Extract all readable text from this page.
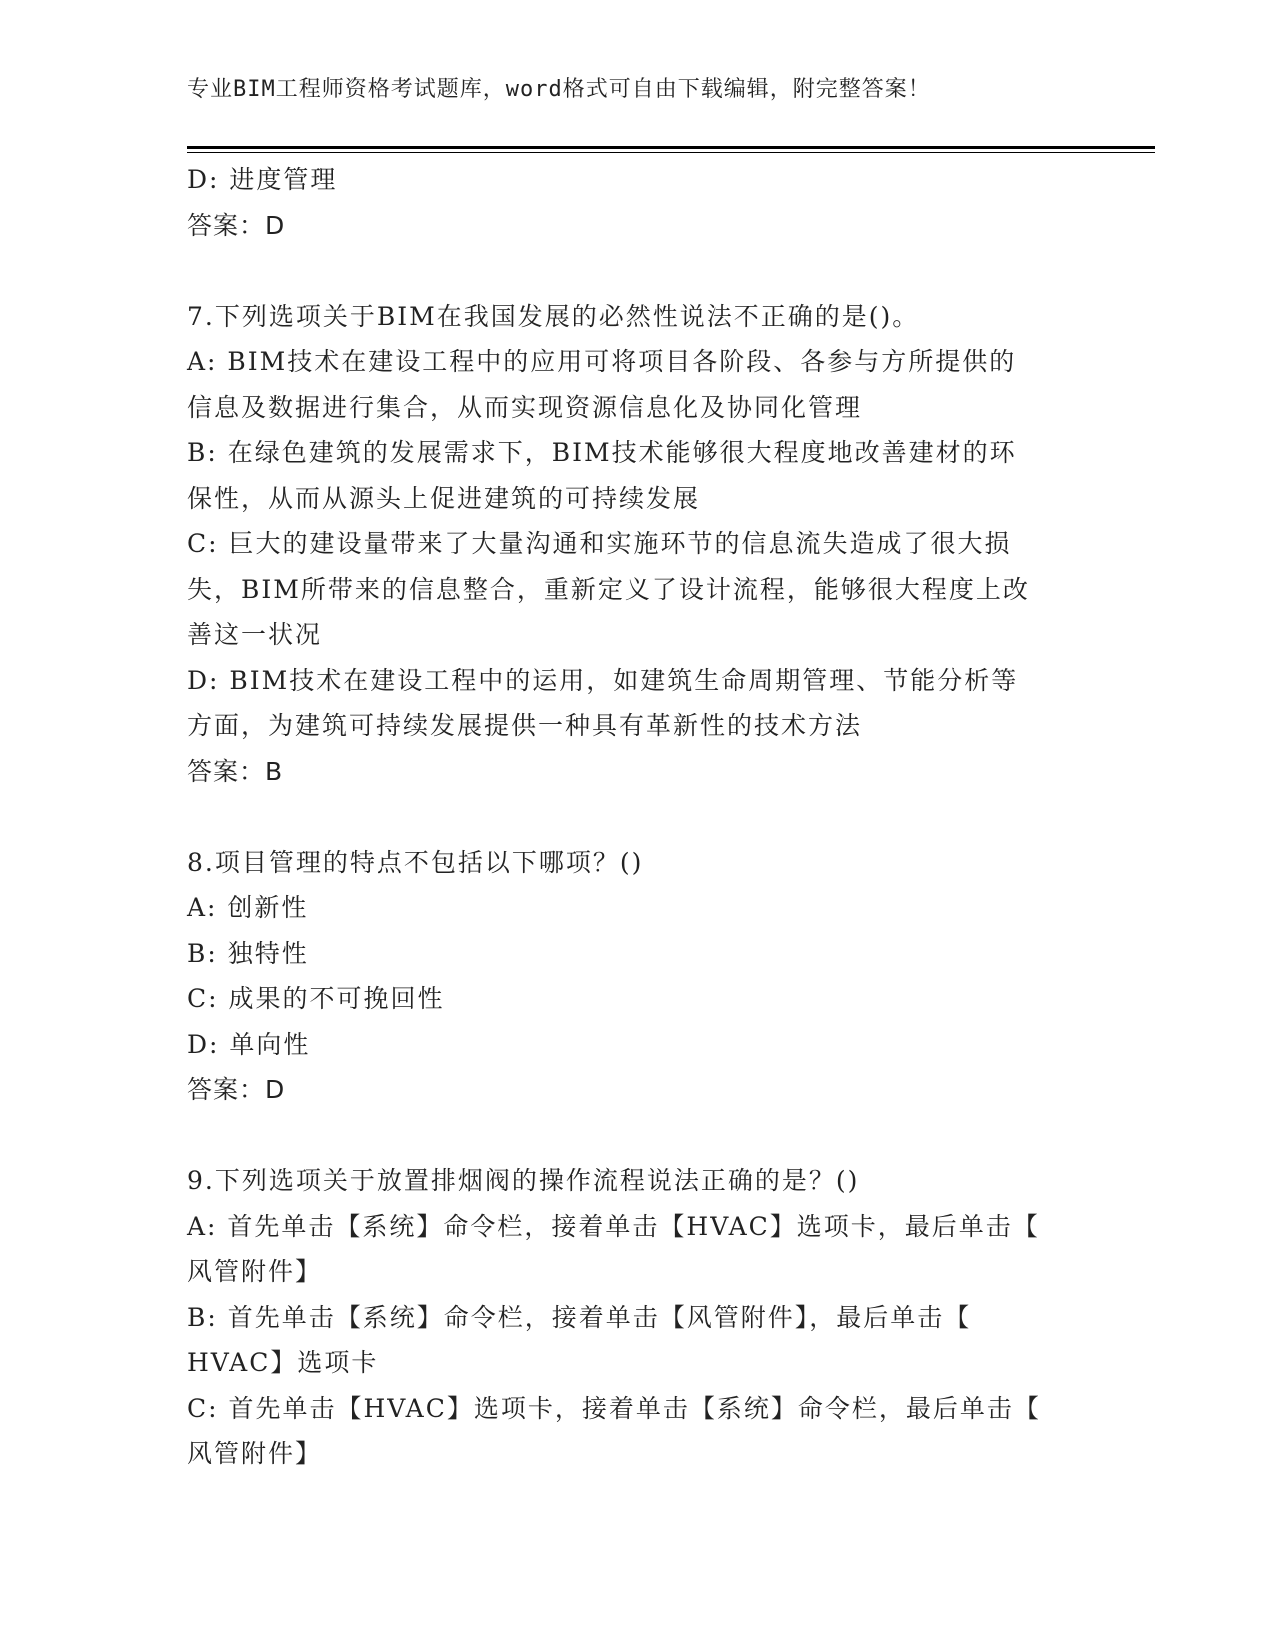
专业BIM工程师资格考试题库，word格式可自由下载编辑，附完整答案！
D: 进度管理
答案：D
7.下列选项关于BIM在我国发展的必然性说法不正确的是()。
A: BIM技术在建设工程中的应用可将项目各阶段、各参与方所提供的
信息及数据进行集合，从而实现资源信息化及协同化管理
B: 在绿色建筑的发展需求下，BIM技术能够很大程度地改善建材的环
保性，从而从源头上促进建筑的可持续发展
C: 巨大的建设量带来了大量沟通和实施环节的信息流失造成了很大损
失，BIM所带来的信息整合，重新定义了设计流程，能够很大程度上改
善这一状况
D: BIM技术在建设工程中的运用，如建筑生命周期管理、节能分析等
方面，为建筑可持续发展提供一种具有革新性的技术方法
答案：B
8.项目管理的特点不包括以下哪项？()
A: 创新性
B: 独特性
C: 成果的不可挽回性
D: 单向性
答案：D
9.下列选项关于放置排烟阀的操作流程说法正确的是？()
A: 首先单击【系统】命令栏，接着单击【HVAC】选项卡，最后单击【
风管附件】
B: 首先单击【系统】命令栏，接着单击【风管附件】，最后单击【
HVAC】选项卡
C: 首先单击【HVAC】选项卡，接着单击【系统】命令栏，最后单击【
风管附件】
